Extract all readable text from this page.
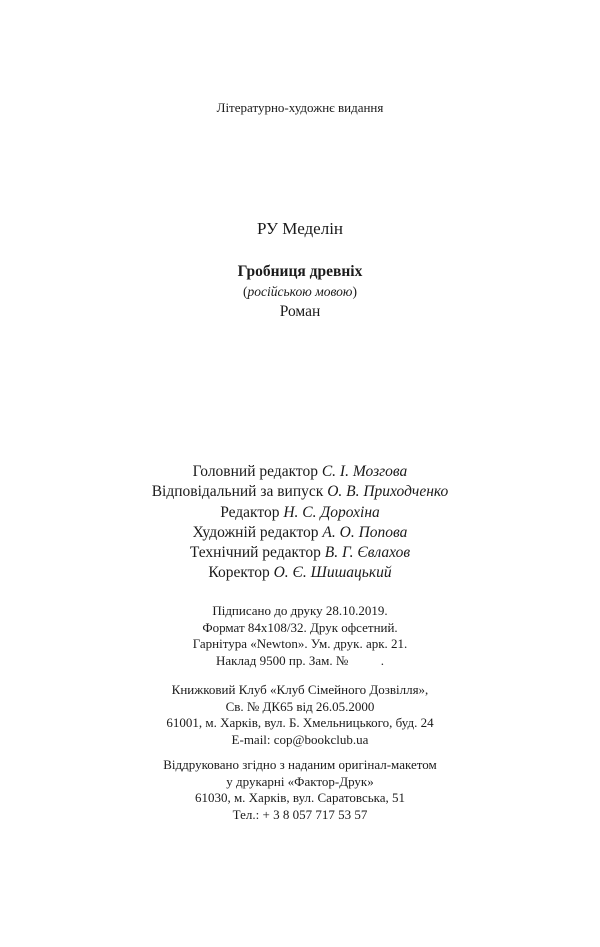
Літературно-художнє видання
РУ Меделін
Гробниця древніх
(російською мовою)
Роман
Головний редактор С. І. Мозгова
Відповідальний за випуск О. В. Приходченко
Редактор Н. С. Дорохіна
Художній редактор А. О. Попова
Технічний редактор В. Г. Євлахов
Коректор О. Є. Шишацький
Підписано до друку 28.10.2019.
Формат 84x108/32. Друк офсетний.
Гарнітура «Newton». Ум. друк. арк. 21.
Наклад 9500 пр. Зам. №          .
Книжковий Клуб «Клуб Сімейного Дозвілля»,
Св. № ДК65 від 26.05.2000
61001, м. Харків, вул. Б. Хмельницького, буд. 24
E-mail: cop@bookclub.ua
Віддруковано згідно з наданим оригінал-макетом
у друкарні «Фактор-Друк»
61030, м. Харків, вул. Саратовська, 51
Тел.: + 3 8 057 717 53 57
